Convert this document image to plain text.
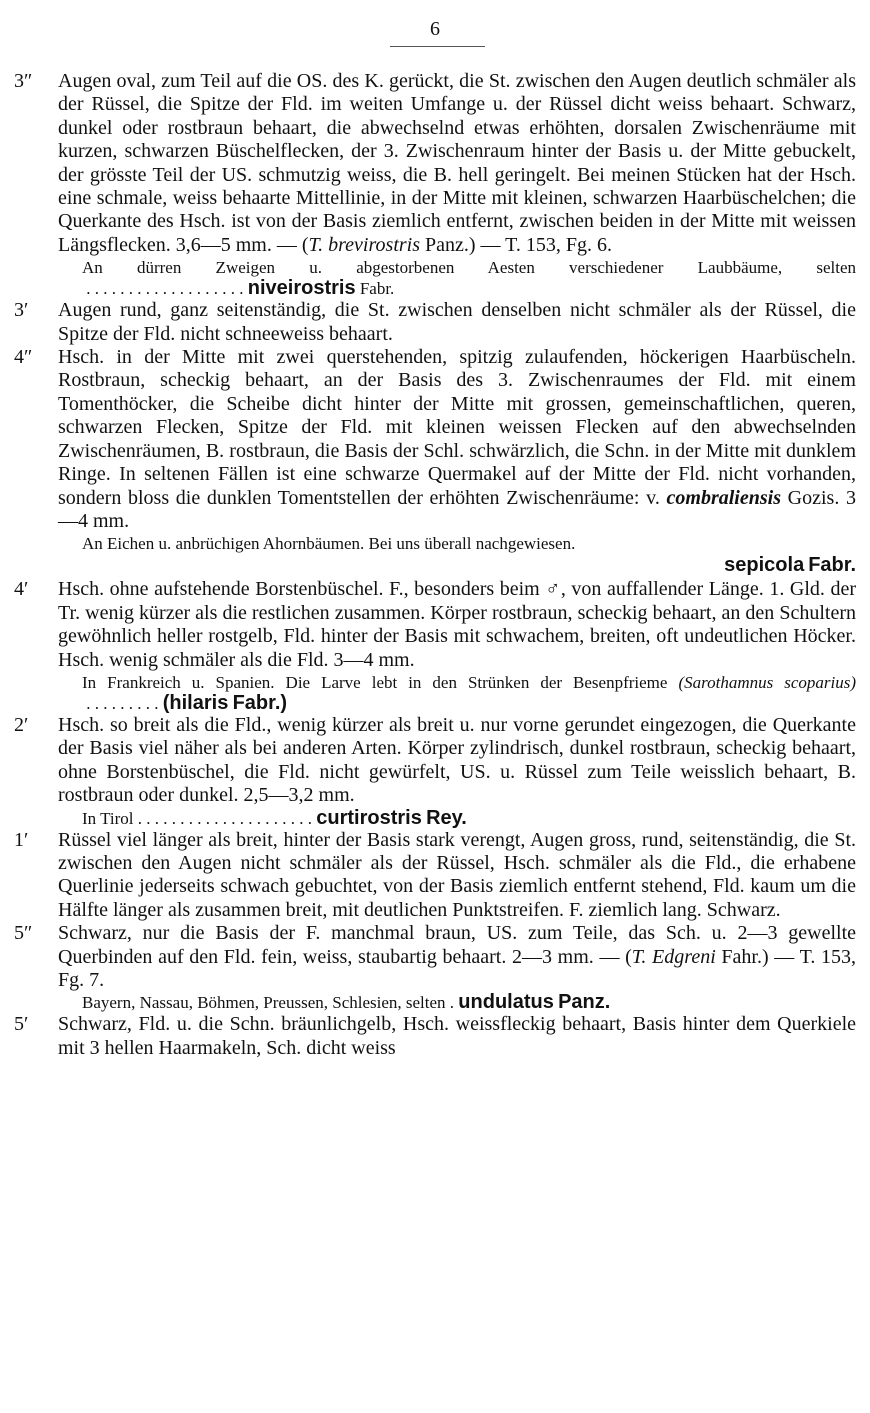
6
3″ Augen oval, zum Teil auf die OS. des K. gerückt, die St. zwischen den Augen deutlich schmäler als der Rüssel, die Spitze der Fld. im weiten Umfange u. der Rüssel dicht weiss behaart. Schwarz, dunkel oder rostbraun behaart, die abwechselnd etwas erhöhten, dorsalen Zwischenräume mit kurzen, schwarzen Büschelflecken, der 3. Zwischenraum hinter der Basis u. der Mitte gebuckelt, der grösste Teil der US. schmutzig weiss, die B. hell geringelt. Bei meinen Stücken hat der Hsch. eine schmale, weiss behaarte Mittellinie, in der Mitte mit kleinen, schwarzen Haarbüschelchen; die Querkante des Hsch. ist von der Basis ziemlich entfernt, zwischen beiden in der Mitte mit weissen Längsflecken. 3,6—5 mm. — (T. brevirostris Panz.) — T. 153, Fg. 6.
An dürren Zweigen u. abgestorbenen Aesten verschiedener Laubbäume, selten . . . . . . . . . . . . . . . . . . . niveirostris Fabr.
3′ Augen rund, ganz seitenständig, die St. zwischen denselben nicht schmäler als der Rüssel, die Spitze der Fld. nicht schneeweiss behaart.
4″ Hsch. in der Mitte mit zwei querstehenden, spitzig zulaufenden, höckerigen Haarbüscheln. Rostbraun, scheckig behaart, an der Basis des 3. Zwischenraumes der Fld. mit einem Tomenthöcker, die Scheibe dicht hinter der Mitte mit grossen, gemeinschaftlichen, queren, schwarzen Flecken, Spitze der Fld. mit kleinen weissen Flecken auf den abwechselnden Zwischenräumen, B. rostbraun, die Basis der Schl. schwärzlich, die Schn. in der Mitte mit dunklem Ringe. In seltenen Fällen ist eine schwarze Quermakel auf der Mitte der Fld. nicht vorhanden, sondern bloss die dunklen Tomentstellen der erhöhten Zwischenräume: v. combraliensis Gozis. 3—4 mm.
An Eichen u. anbrüchigen Ahornbäumen. Bei uns überall nachgewiesen.
sepicola Fabr.
4′ Hsch. ohne aufstehende Borstenbüschel. F., besonders beim ♂, von auffallender Länge. 1. Gld. der Tr. wenig kürzer als die restlichen zusammen. Körper rostbraun, scheckig behaart, an den Schultern gewöhnlich heller rostgelb, Fld. hinter der Basis mit schwachem, breiten, oft undeutlichen Höcker. Hsch. wenig schmäler als die Fld. 3—4 mm.
In Frankreich u. Spanien. Die Larve lebt in den Strünken der Besenpfrieme (Sarothamnus scoparius) . . . . . . . . . (hilaris Fabr.)
2′ Hsch. so breit als die Fld., wenig kürzer als breit u. nur vorne gerundet eingezogen, die Querkante der Basis viel näher als bei anderen Arten. Körper zylindrisch, dunkel rostbraun, scheckig behaart, ohne Borstenbüschel, die Fld. nicht gewürfelt, US. u. Rüssel zum Teile weisslich behaart, B. rostbraun oder dunkel. 2,5—3,2 mm.
In Tirol . . . . . . . . . . . . . . . . . . . . . curtirostris Rey.
1′ Rüssel viel länger als breit, hinter der Basis stark verengt, Augen gross, rund, seitenständig, die St. zwischen den Augen nicht schmäler als der Rüssel, Hsch. schmäler als die Fld., die erhabene Querlinie jederseits schwach gebuchtet, von der Basis ziemlich entfernt stehend, Fld. kaum um die Hälfte länger als zusammen breit, mit deutlichen Punktstreifen. F. ziemlich lang. Schwarz.
5″ Schwarz, nur die Basis der F. manchmal braun, US. zum Teile, das Sch. u. 2—3 gewellte Querbinden auf den Fld. fein, weiss, staubartig behaart. 2—3 mm. — (T. Edgreni Fahr.) — T. 153, Fg. 7.
Bayern, Nassau, Böhmen, Preussen, Schlesien, selten . undulatus Panz.
5′ Schwarz, Fld. u. die Schn. bräunlichgelb, Hsch. weissfleckig behaart, Basis hinter dem Querkiele mit 3 hellen Haarmakeln, Sch. dicht weiss
